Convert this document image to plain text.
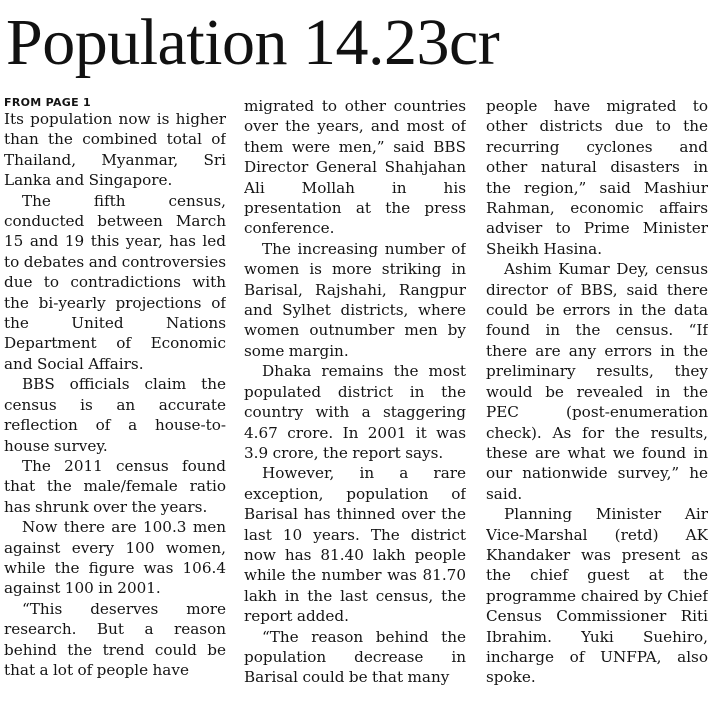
Population 14.23cr
FROM PAGE 1

Its population now is higher than the combined total of Thailand, Myanmar, Sri Lanka and Singapore.

The fifth census, conducted between March 15 and 19 this year, has led to debates and controversies due to contradictions with the bi-yearly projections of the United Nations Department of Economic and Social Affairs.

BBS officials claim the census is an accurate reflection of a house-to-house survey.

The 2011 census found that the male/female ratio has shrunk over the years.

Now there are 100.3 men against every 100 women, while the figure was 106.4 against 100 in 2001.

“This deserves more research. But a reason behind the trend could be that a lot of people have

migrated to other countries over the years, and most of them were men,” said BBS Director General Shahjahan Ali Mollah in his presentation at the press conference.

The increasing number of women is more striking in Barisal, Rajshahi, Rangpur and Sylhet districts, where women outnumber men by some margin.

Dhaka remains the most populated district in the country with a staggering 4.67 crore. In 2001 it was 3.9 crore, the report says.

However, in a rare exception, population of Barisal has thinned over the last 10 years. The district now has 81.40 lakh people while the number was 81.70 lakh in the last census, the report added.

“The reason behind the population decrease in Barisal could be that many

people have migrated to other districts due to the recurring cyclones and other natural disasters in the region,” said Mashiur Rahman, economic affairs adviser to Prime Minister Sheikh Hasina.

Ashim Kumar Dey, census director of BBS, said there could be errors in the data found in the census. “If there are any errors in the preliminary results, they would be revealed in the PEC (post-enumeration check). As for the results, these are what we found in our nationwide survey,” he said.

Planning Minister Air Vice-Marshal (retd) AK Khandaker was present as the chief guest at the programme chaired by Chief Census Commissioner Riti Ibrahim. Yuki Suehiro, incharge of UNFPA, also spoke.
